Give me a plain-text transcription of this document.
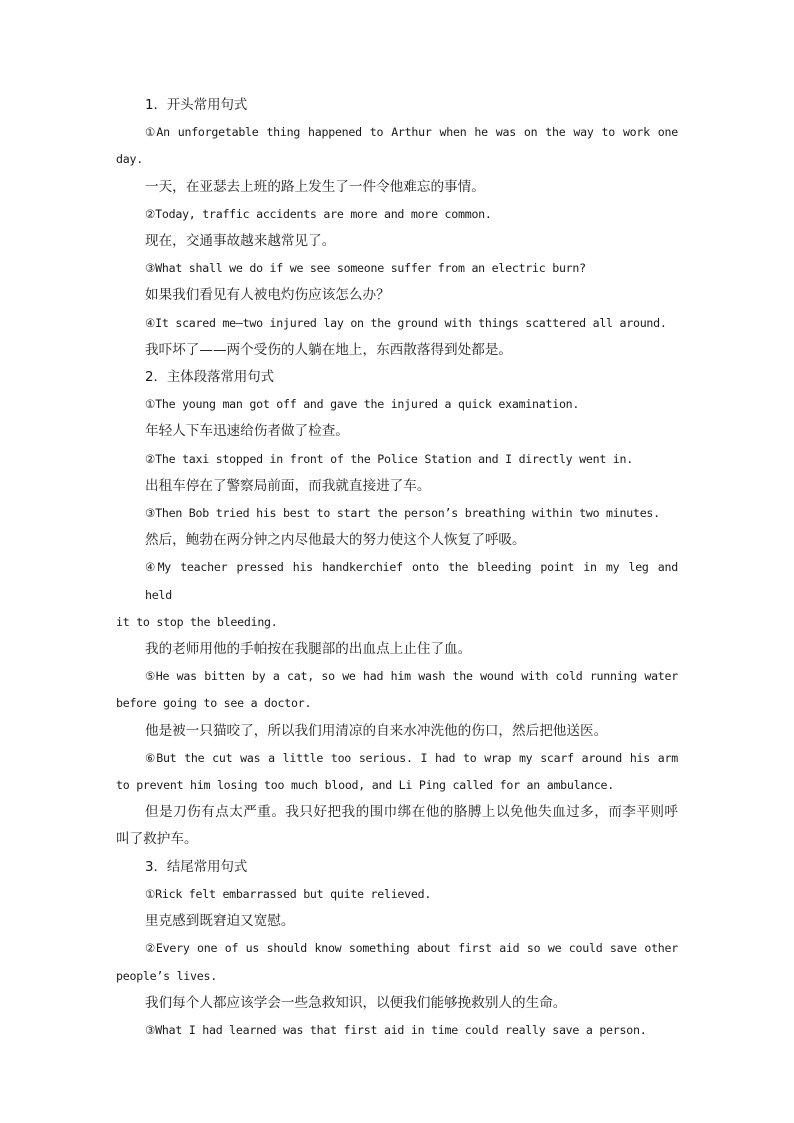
1．开头常用句式

①An unforgetable thing happened to Arthur when he was on the way to work one

day.

一天，在亚瑟去上班的路上发生了一件令他难忘的事情。

②Today, traffic accidents are more and more common.

现在，交通事故越来越常见了。

③What shall we do if we see someone suffer from an electric burn?

如果我们看见有人被电灼伤应该怎么办？

④It scared me—two injured lay on the ground with things scattered all around.

我吓坏了——两个受伤的人躺在地上，东西散落得到处都是。

2．主体段落常用句式

①The young man got off and gave the injured a quick examination.

年轻人下车迅速给伤者做了检查。

②The taxi stopped in front of the Police Station and I directly went in.

出租车停在了警察局前面，而我就直接进了车。

③Then Bob tried his best to start the person’s breathing within two minutes.

然后，鲍勃在两分钟之内尽他最大的努力使这个人恢复了呼吸。

④My teacher pressed his handkerchief onto the bleeding point in my leg and held

it to stop the bleeding.

我的老师用他的手帕按在我腿部的出血点上止住了血。

⑤He was bitten by a cat, so we had him wash the wound with cold running water

before going to see a doctor.

他是被一只猫咬了，所以我们用清凉的自来水冲洗他的伤口，然后把他送医。

⑥But the cut was a little too serious. I had to wrap my scarf around his arm

to prevent him losing too much blood, and Li Ping called for an ambulance.

但是刀伤有点太严重。我只好把我的围巾绑在他的胳膊上以免他失血过多，而李平则呼

叫了救护车。

3．结尾常用句式

①Rick felt embarrassed but quite relieved.

里克感到既窘迫又宽慰。

②Every one of us should know something about first aid so we could save other

people’s lives.

我们每个人都应该学会一些急救知识，以便我们能够挽救别人的生命。

③What I had learned was that first aid in time could really save a person.
